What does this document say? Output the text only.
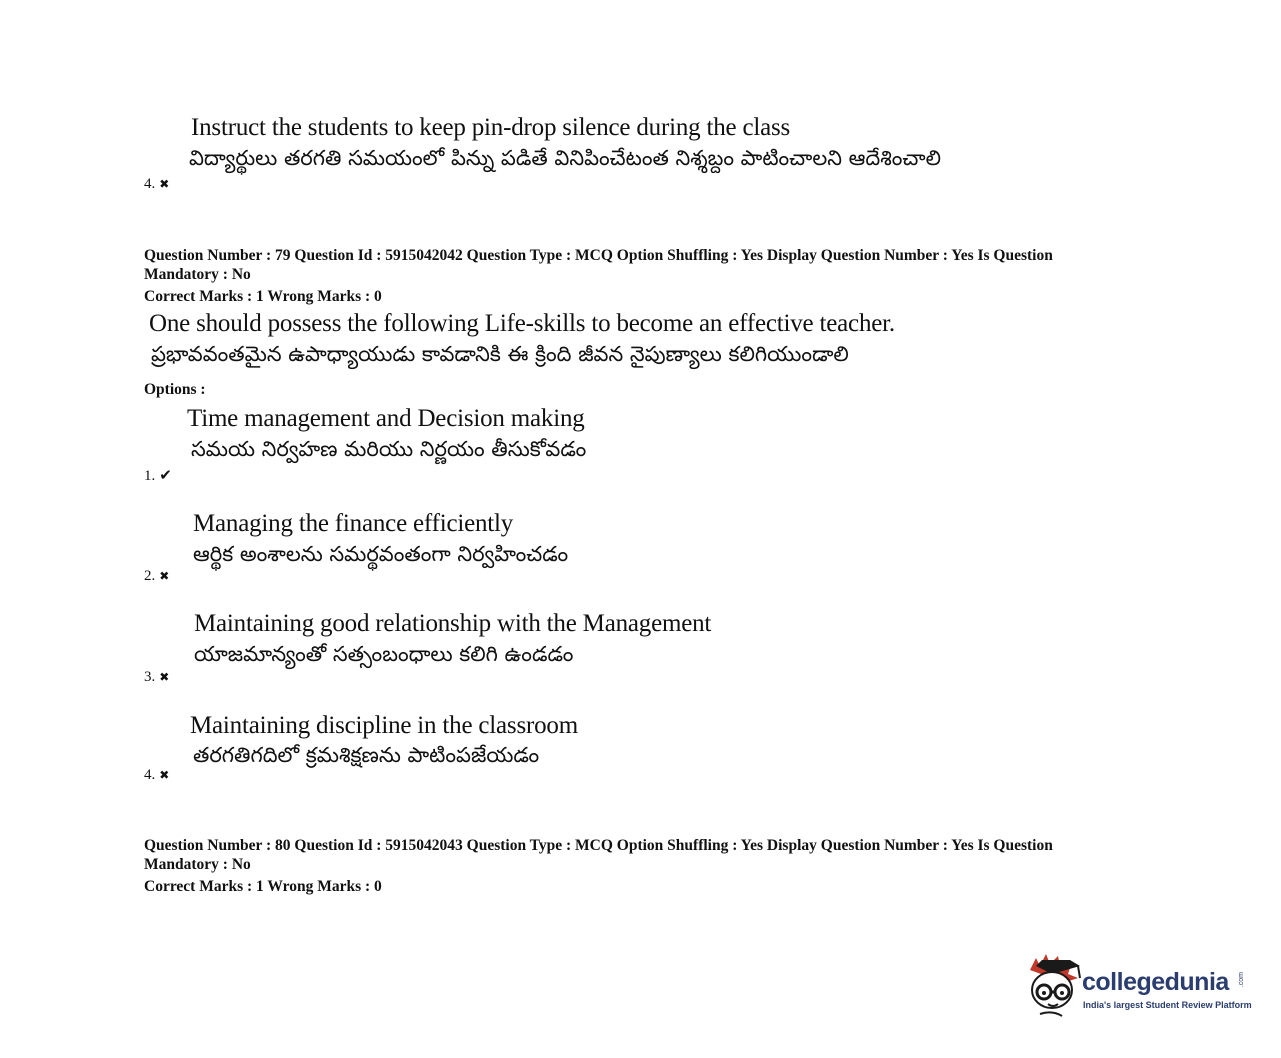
Instruct the students to keep pin-drop silence during the class
విద్యార్థులు తరగతి సమయంలో పిన్ను పడితే వినిపించేటంత నిశ్శబ్దం పాటించాలని ఆదేశించాలి
4. ✖
Question Number : 79 Question Id : 5915042042 Question Type : MCQ Option Shuffling : Yes Display Question Number : Yes Is Question
Mandatory : No
Correct Marks : 1 Wrong Marks : 0
One should possess the following Life-skills to become an effective teacher.
ప్రభావవంతమైన ఉపాధ్యాయుడు కావడానికి ఈ క్రింది జీవన నైపుణ్యాలు కలిగియుండాలి
Options :
Time management and Decision making
సమయ నిర్వహణ మరియు నిర్ణయం తీసుకోవడం
1. ✔
Managing the finance efficiently
ఆర్థిక అంశాలను సమర్థవంతంగా నిర్వహించడం
2. ✖
Maintaining good relationship with the Management
యాజమాన్యంతో సత్సంబంధాలు కలిగి ఉండడం
3. ✖
Maintaining discipline in the classroom
తరగతిగదిలో క్రమశిక్షణను పాటింపజేయడం
4. ✖
Question Number : 80 Question Id : 5915042043 Question Type : MCQ Option Shuffling : Yes Display Question Number : Yes Is Question
Mandatory : No
Correct Marks : 1 Wrong Marks : 0
collegedunia .com
India's largest Student Review Platform
